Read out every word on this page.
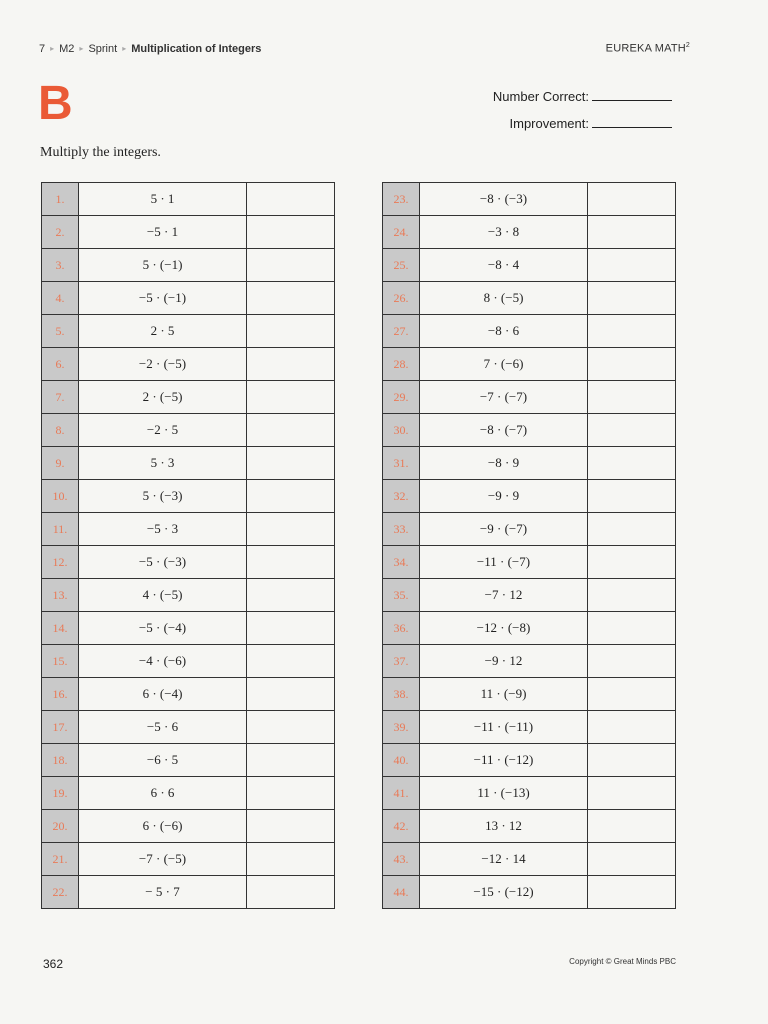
7 ▸ M2 ▸ Sprint ▸ Multiplication of Integers	EUREKA MATH$^2$
B	Number Correct:
Improvement:
Multiply the integers.
1.	5 · 1	
2.	−5 · 1	
3.	5 · (−1)	
4.	−5 · (−1)	
5.	2 · 5	
6.	−2 · (−5)	
7.	2 · (−5)	
8.	−2 · 5	
9.	5 · 3	
10.	5 · (−3)	
11.	−5 · 3	
12.	−5 · (−3)	
13.	4 · (−5)	
14.	−5 · (−4)	
15.	−4 · (−6)	
16.	6 · (−4)	
17.	−5 · 6	
18.	−6 · 5	
19.	6 · 6	
20.	6 · (−6)	
21.	−7 · (−5)	
22.	− 5 · 7	
23.	−8 · (−3)	
24.	−3 · 8	
25.	−8 · 4	
26.	8 · (−5)	
27.	−8 · 6	
28.	7 · (−6)	
29.	−7 · (−7)	
30.	−8 · (−7)	
31.	−8 · 9	
32.	−9 · 9	
33.	−9 · (−7)	
34.	−11 · (−7)	
35.	−7 · 12	
36.	−12 · (−8)	
37.	−9 · 12	
38.	11 · (−9)	
39.	−11 · (−11)	
40.	−11 · (−12)	
41.	11 · (−13)	
42.	13 · 12	
43.	−12 · 14	
44.	−15 · (−12)	
362	Copyright © Great Minds PBC
